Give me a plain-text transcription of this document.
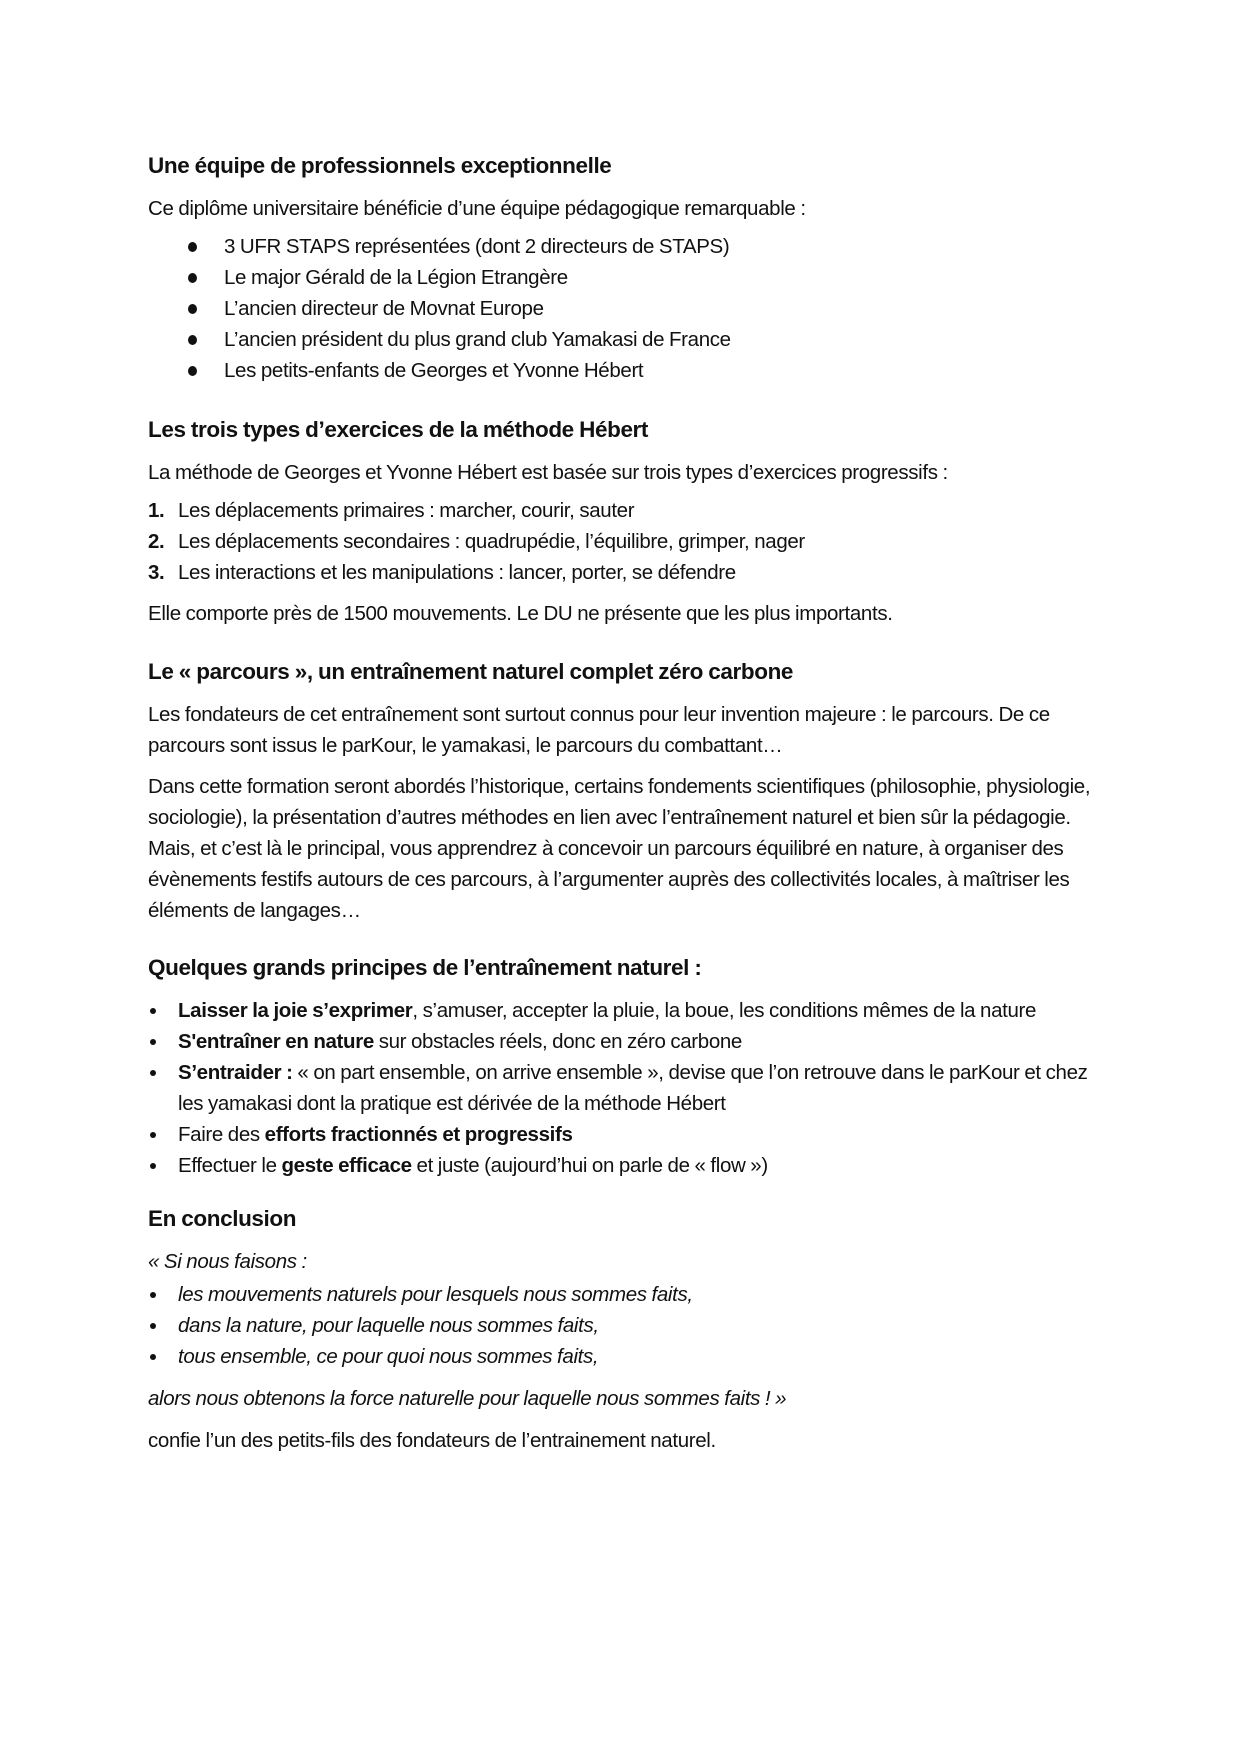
Une équipe de professionnels exceptionnelle

Ce diplôme universitaire bénéficie d’une équipe pédagogique remarquable :

3 UFR STAPS représentées (dont 2 directeurs de STAPS)
Le major Gérald de la Légion Etrangère
L’ancien directeur de Movnat Europe
L’ancien président du plus grand club Yamakasi de France
Les petits-enfants de Georges et Yvonne Hébert
Les trois types d’exercices de la méthode Hébert

La méthode de Georges et Yvonne Hébert est basée sur trois types d’exercices progressifs :

1. Les déplacements primaires : marcher, courir, sauter
2. Les déplacements secondaires : quadrupédie, l’équilibre, grimper, nager
3. Les interactions et les manipulations : lancer, porter, se défendre

Elle comporte près de 1500 mouvements. Le DU ne présente que les plus importants.

Le « parcours », un entraînement naturel complet zéro carbone

Les fondateurs de cet entraînement sont surtout connus pour leur invention majeure : le parcours. De ce parcours sont issus le parKour, le yamakasi, le parcours du combattant…

Dans cette formation seront abordés l’historique, certains fondements scientifiques (philosophie, physiologie, sociologie), la présentation d’autres méthodes en lien avec l’entraînement naturel et bien sûr la pédagogie. Mais, et c’est là le principal, vous apprendrez à concevoir un parcours équilibré en nature, à organiser des évènements festifs autours de ces parcours, à l’argumenter auprès des collectivités locales, à maîtriser les éléments de langages…

Quelques grands principes de l’entraînement naturel :
Laisser la joie s’exprimer, s’amuser, accepter la pluie, la boue, les conditions mêmes de la nature
S'entraîner en nature sur obstacles réels, donc en zéro carbone
S’entraider : « on part ensemble, on arrive ensemble », devise que l’on retrouve dans le parKour et chez les yamakasi dont la pratique est dérivée de la méthode Hébert
Faire des efforts fractionnés et progressifs
Effectuer le geste efficace et juste (aujourd’hui on parle de « flow »)
En conclusion

« Si nous faisons :

les mouvements naturels pour lesquels nous sommes faits,
dans la nature, pour laquelle nous sommes faits,
tous ensemble, ce pour quoi nous sommes faits,

alors nous obtenons la force naturelle pour laquelle nous sommes faits ! »

confie l’un des petits-fils des fondateurs de l’entrainement naturel.
